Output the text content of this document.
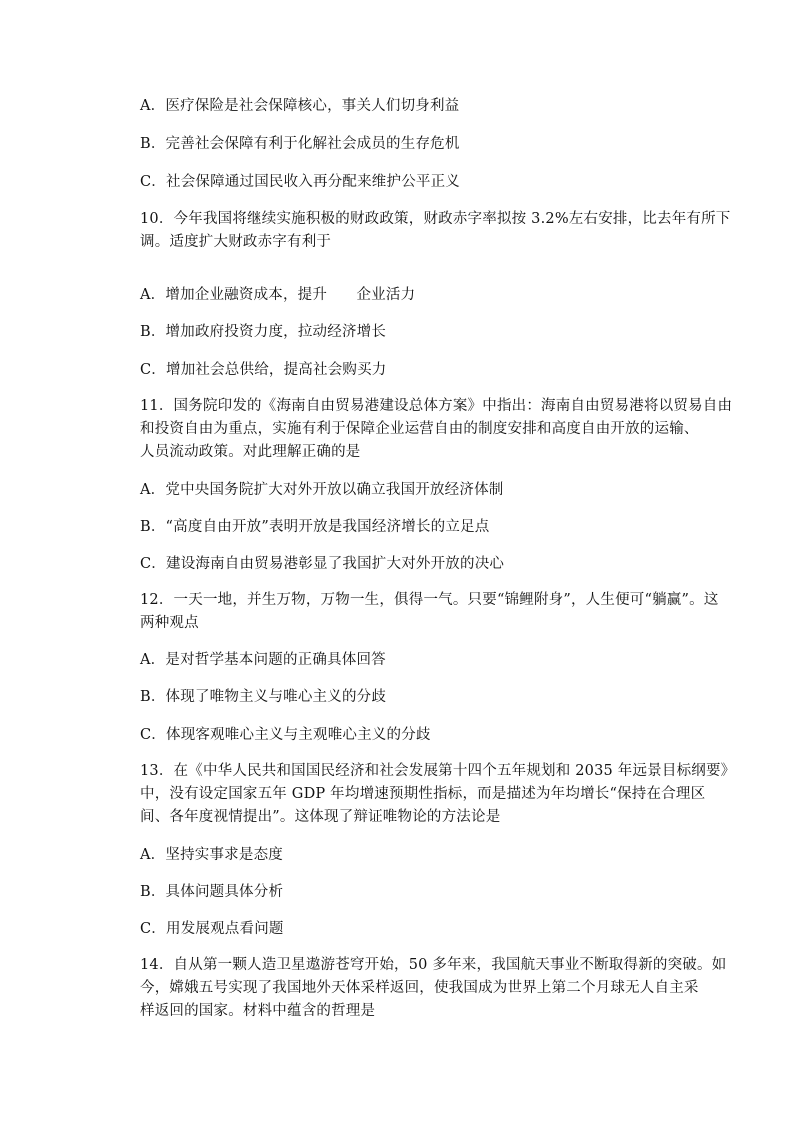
A．医疗保险是社会保障核心，事关人们切身利益
B．完善社会保障有利于化解社会成员的生存危机
C．社会保障通过国民收入再分配来维护公平正义
10．今年我国将继续实施积极的财政政策，财政赤字率拟按 3.2%左右安排，比去年有所下
调。适度扩大财政赤字有利于
A．增加企业融资成本，提升　　企业活力
B．增加政府投资力度，拉动经济增长
C．增加社会总供给，提高社会购买力
11．国务院印发的《海南自由贸易港建设总体方案》中指出：海南自由贸易港将以贸易自由
和投资自由为重点，实施有利于保障企业运营自由的制度安排和高度自由开放的运输、
人员流动政策。对此理解正确的是
A．党中央国务院扩大对外开放以确立我国开放经济体制
B．“高度自由开放”表明开放是我国经济增长的立足点
C．建设海南自由贸易港彰显了我国扩大对外开放的决心
12．一天一地，并生万物，万物一生，俱得一气。只要“锦鲤附身”，人生便可“躺赢”。这
两种观点
A．是对哲学基本问题的正确具体回答
B．体现了唯物主义与唯心主义的分歧
C．体现客观唯心主义与主观唯心主义的分歧
13．在《中华人民共和国国民经济和社会发展第十四个五年规划和 2035 年远景目标纲要》
中，没有设定国家五年 GDP 年均增速预期性指标，而是描述为年均增长“保持在合理区
间、各年度视情提出”。这体现了辩证唯物论的方法论是
A．坚持实事求是态度
B．具体问题具体分析
C．用发展观点看问题
14．自从第一颗人造卫星遨游苍穹开始，50 多年来，我国航天事业不断取得新的突破。如
今，嫦娥五号实现了我国地外天体采样返回，使我国成为世界上第二个月球无人自主采
样返回的国家。材料中蕴含的哲理是
